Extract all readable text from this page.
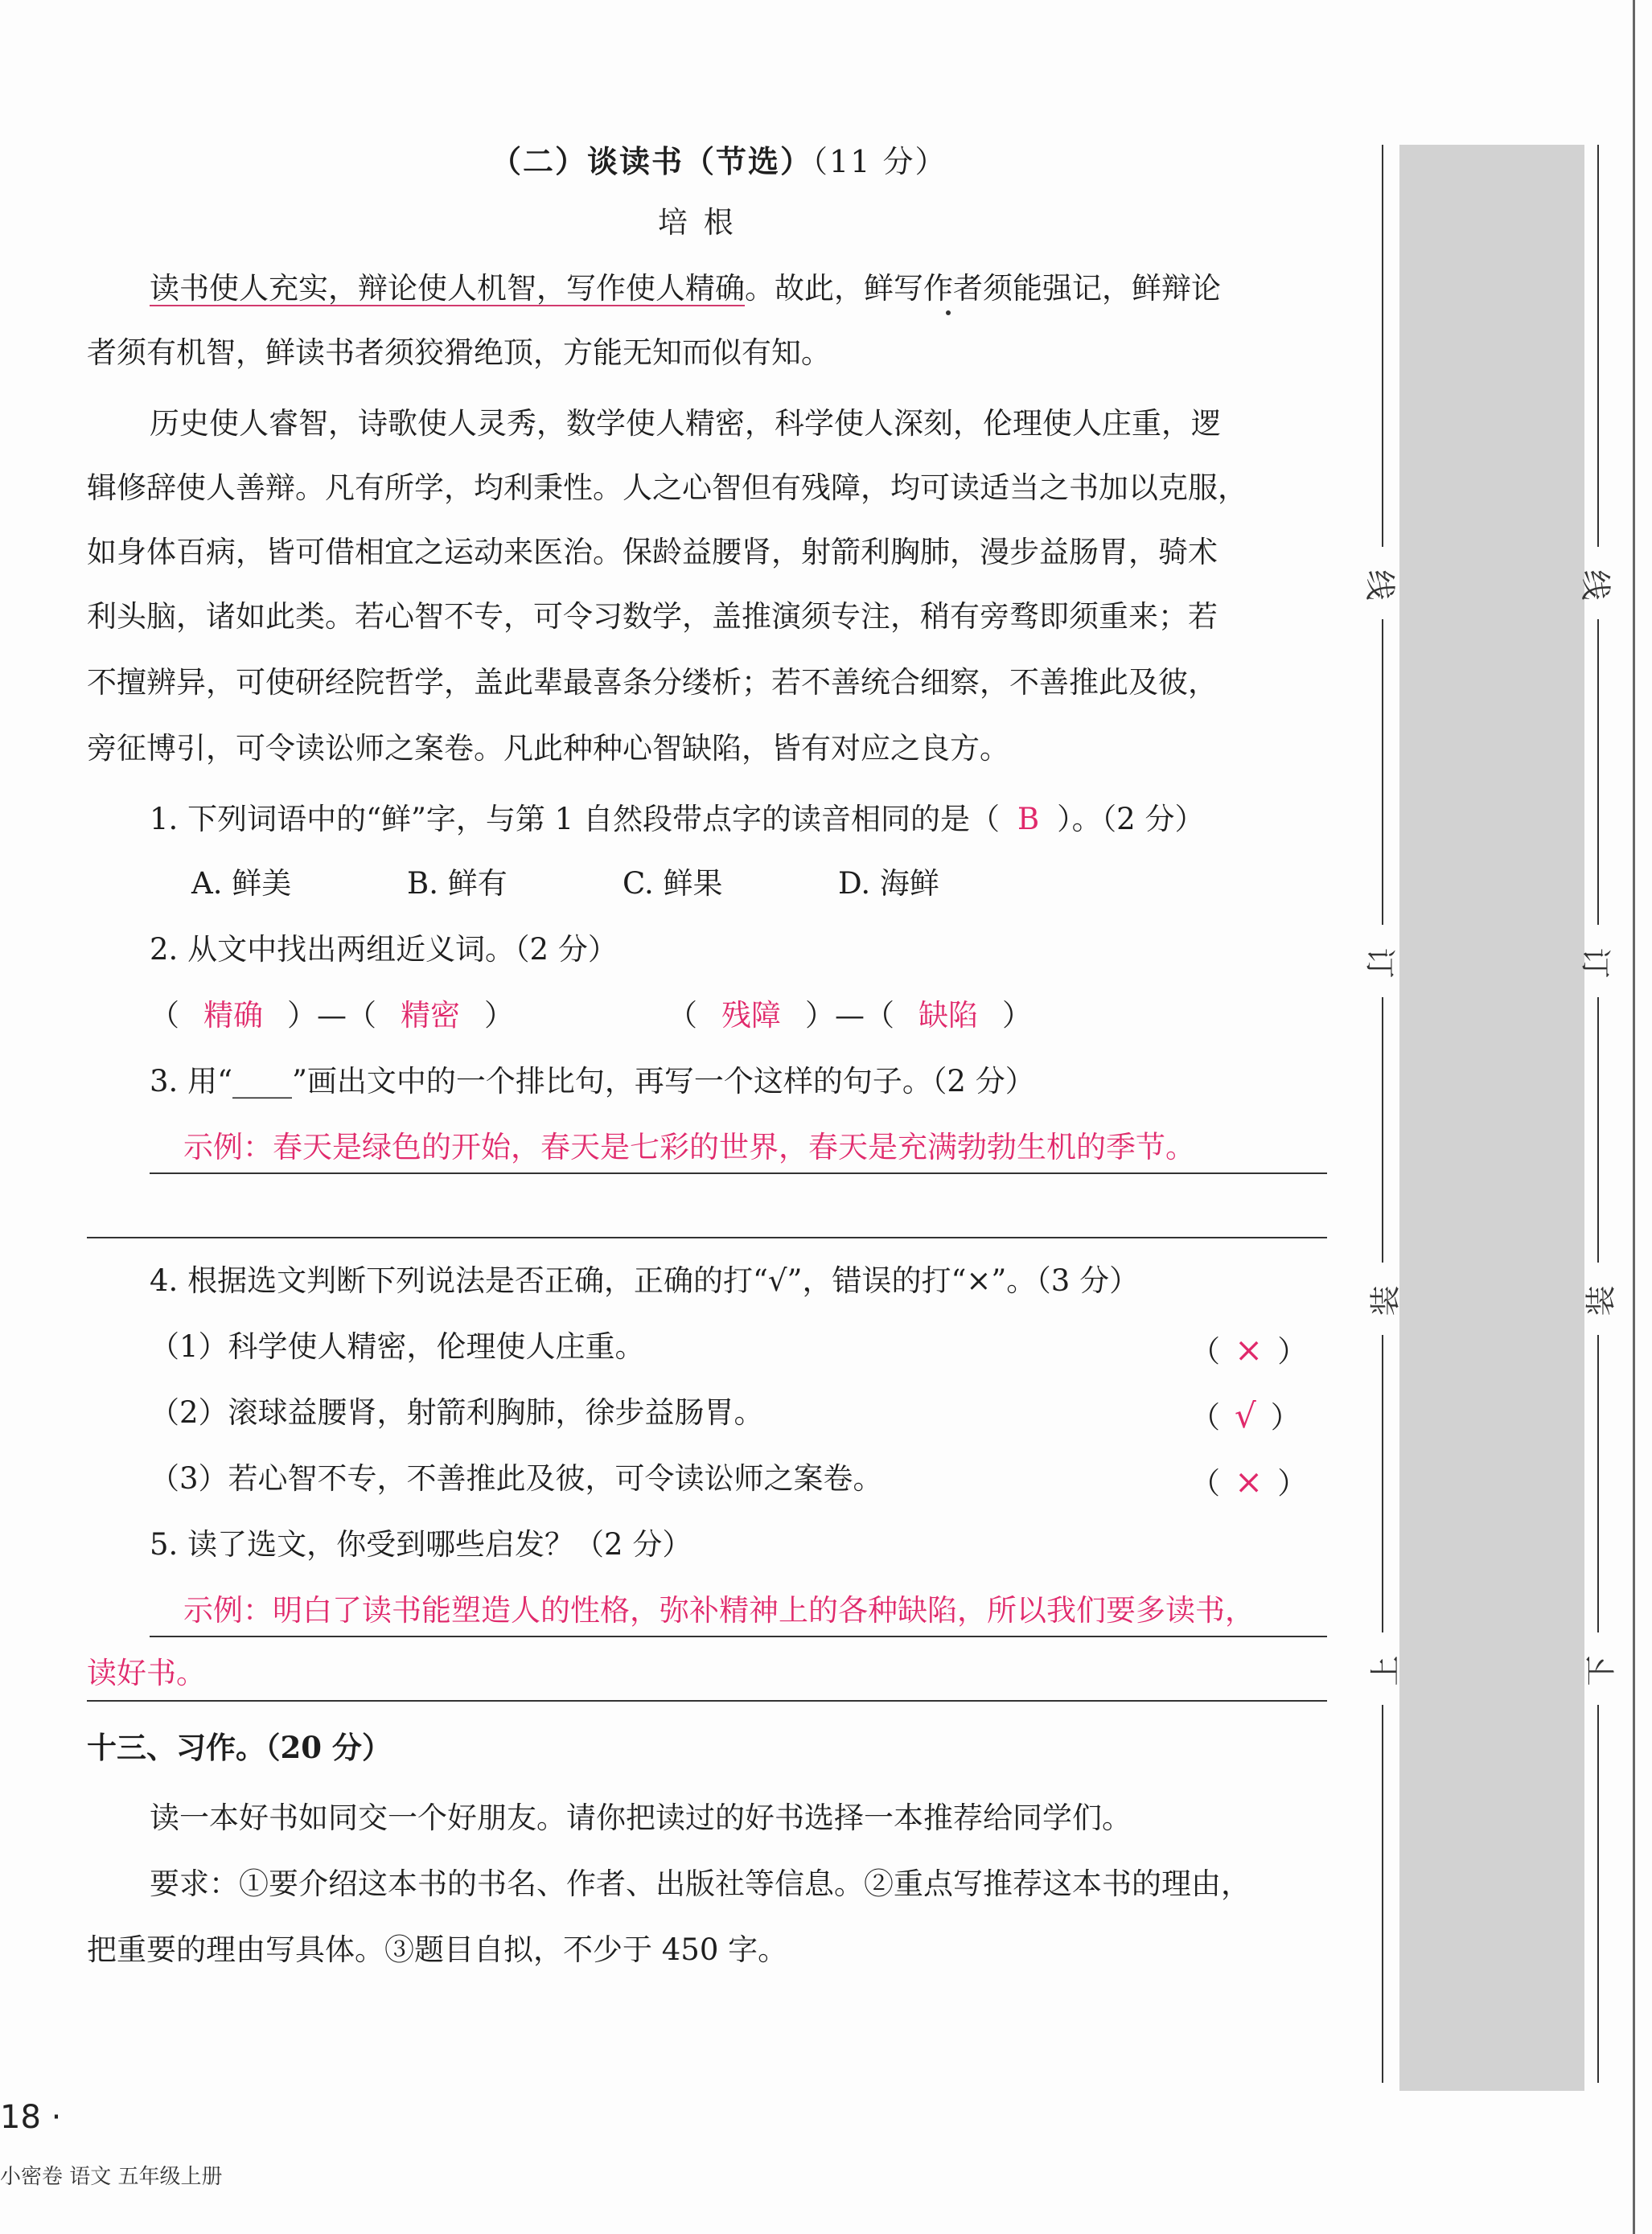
（二）谈读书（节选）（11 分）
培 根
读书使人充实，辩论使人机智，写作使人精确。故此，鲜写作者须能强记，鲜辩论
者须有机智，鲜读书者须狡猾绝顶，方能无知而似有知。
历史使人睿智，诗歌使人灵秀，数学使人精密，科学使人深刻，伦理使人庄重，逻
辑修辞使人善辩。凡有所学，均利秉性。人之心智但有残障，均可读适当之书加以克服，
如身体百病，皆可借相宜之运动来医治。保龄益腰肾，射箭利胸肺，漫步益肠胃，骑术
利头脑，诸如此类。若心智不专，可令习数学，盖推演须专注，稍有旁骛即须重来；若
不擅辨异，可使研经院哲学，盖此辈最喜条分缕析；若不善统合细察，不善推此及彼，
旁征博引，可令读讼师之案卷。凡此种种心智缺陷，皆有对应之良方。
1. 下列词语中的“鲜”字，与第 1 自然段带点字的读音相同的是（ B ）。（2 分）
A. 鲜美	B. 鲜有	C. 鲜果	D. 海鲜
2. 从文中找出两组近义词。（2 分）
（ 精确 ）—（ 精密 ）	（ 残障 ）—（ 缺陷 ）
3. 用“____”画出文中的一个排比句，再写一个这样的句子。（2 分）
示例：春天是绿色的开始，春天是七彩的世界，春天是充满勃勃生机的季节。
4. 根据选文判断下列说法是否正确，正确的打“√”，错误的打“×”。（3 分）
（1）科学使人精密，伦理使人庄重。	（ × ）
（2）滚球益腰肾，射箭利胸肺，徐步益肠胃。	（ √ ）
（3）若心智不专，不善推此及彼，可令读讼师之案卷。	（ × ）
5. 读了选文，你受到哪些启发？（2 分）
示例：明白了读书能塑造人的性格，弥补精神上的各种缺陷，所以我们要多读书，
读好书。
十三、习作。（20 分）
读一本好书如同交一个好朋友。请你把读过的好书选择一本推荐给同学们。
要求：①要介绍这本书的书名、作者、出版社等信息。②重点写推荐这本书的理由，
把重要的理由写具体。③题目自拟，不少于 450 字。
线
订
装
上
线
订
装
下
18 ·
小密卷 语文 五年级上册
